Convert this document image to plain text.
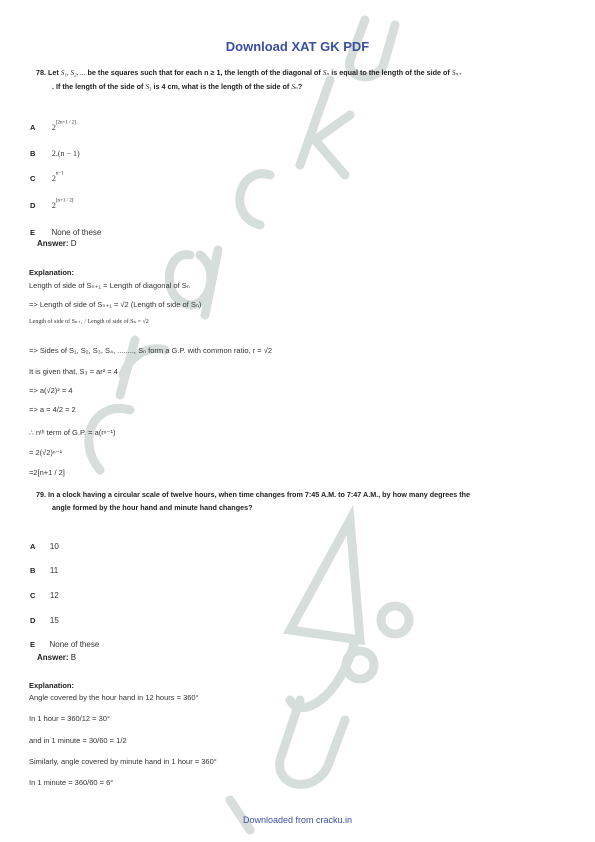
Download XAT GK PDF
78. Let S₁, S₂, ... be the squares such that for each n ≥ 1, the length of the diagonal of Sₙ is equal to the length of the side of Sₙ₊
. If the length of the side of S₃ is 4 cm, what is the length of the side of Sₙ?
A 2[2n+1 / 2]
B 2.(n − 1)
C $2^{n-1}$
D 2[n+1 / 2]
E None of these
Answer: D
Explanation:
Length of side of Sₙ₊₁ = Length of diagonal of Sₙ
=> Length of side of Sₙ₊₁ = √2 (Length of side of Sₙ)
Length of side of Sₙ₊₁ / Length of side of Sₙ = √2
=> Sides of S₁, S₂, S₃, S₄, ........, Sₙ form a G.P. with common ratio, r = √2
It is given that, S₃ = ar² = 4
=> a(√2)² = 4
=> a = 4/2 = 2
∴ nᵗʰ term of G.P. = a(rⁿ⁻¹)
= 2(√2)ⁿ⁻¹
=2[n+1 / 2]
79. In a clock having a circular scale of twelve hours, when time changes from 7:45 A.M. to 7:47 A.M., by how many degrees the
angle formed by the hour hand and minute hand changes?
A 10
B 11
C 12
D 15
E None of these
Answer: B
Explanation:
Angle covered by the hour hand in 12 hours = 360°
In 1 hour = 360/12 = 30°
and in 1 minute = 30/60 = 1/2
Similarly, angle covered by minute hand in 1 hour = 360°
In 1 minute = 360/60 = 6°
Downloaded from cracku.in
